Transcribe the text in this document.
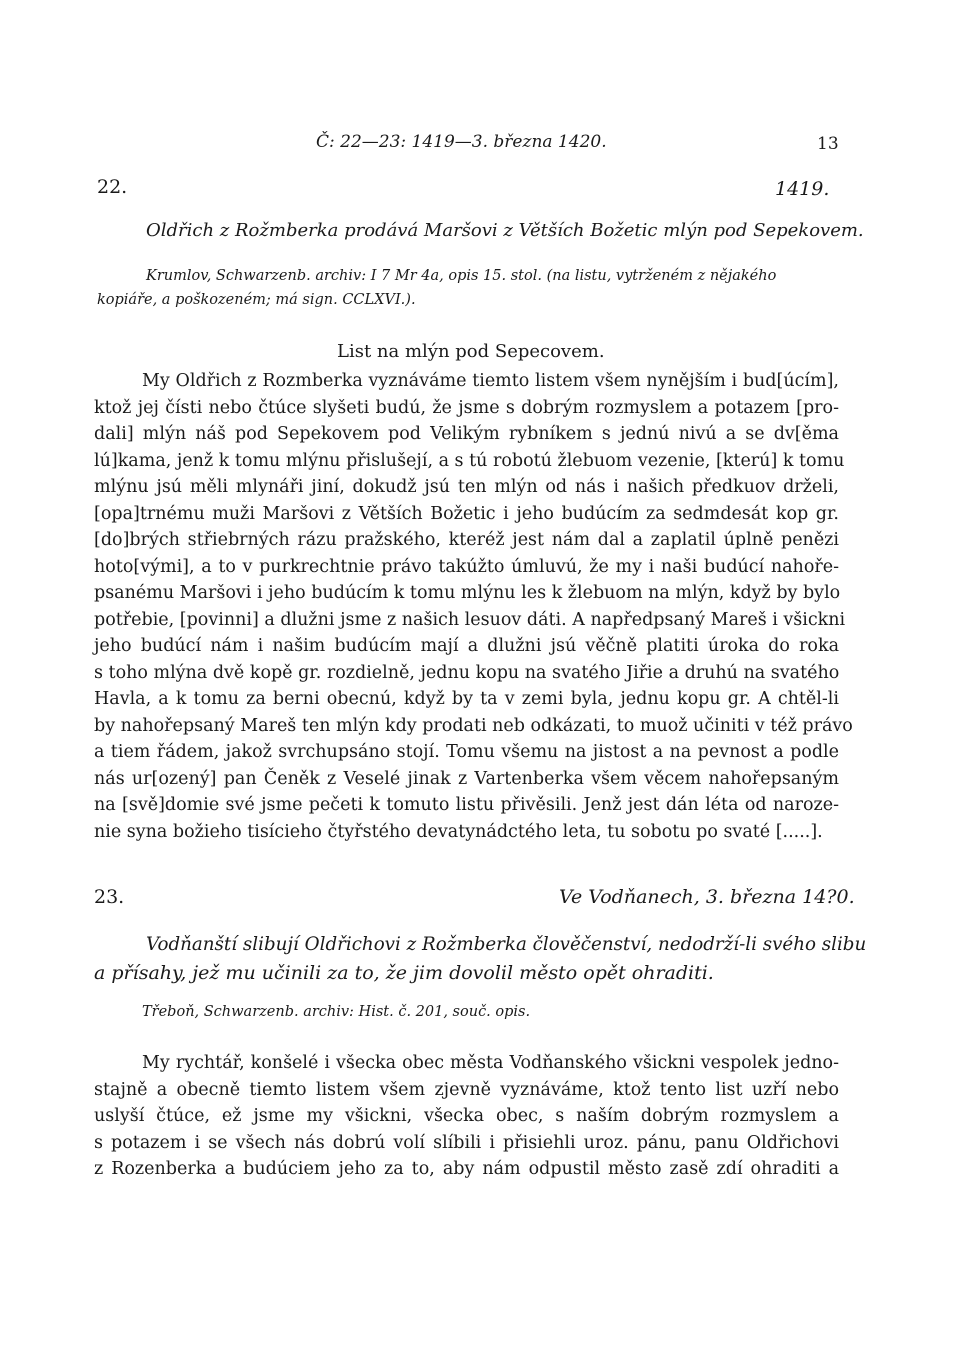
Č: 22—23: 1419—3. března 1420.	13
22.	1419.
Oldřich z Rožmberka prodává Maršovi z Větších Božetic mlýn pod Sepekovem.
Krumlov, Schwarzenb. archiv: I 7 Mr 4a, opis 15. stol. (na listu, vytrženém z nějakého
kopiáře, a poškozeném; má sign. CCLXVI.).
List na mlýn pod Sepecovem.
My Oldřich z Rozmberka vyznáváme tiemto listem všem nynějším i bud[úcím],
ktož jej čísti nebo čtúce slyšeti budú, že jsme s dobrým rozmyslem a potazem [pro-
dali] mlýn náš pod Sepekovem pod Velikým rybníkem s jednú nivú a se dv[ěma
lú]kama, jenž k tomu mlýnu přislušejí, a s tú robotú žlebuom vezenie, [kterú] k tomu
mlýnu jsú měli mlynáři jiní, dokudž jsú ten mlýn od nás i našich předkuov drželi,
[opa]trnému muži Maršovi z Větších Božetic i jeho budúcím za sedmdesát kop gr.
[do]brých střiebrných rázu pražského, kteréž jest nám dal a zaplatil úplně penězi
hoto[vými], a to v purkrechtnie právo takúžto úmluvú, že my i naši budúcí nahoře-
psanému Maršovi i jeho budúcím k tomu mlýnu les k žlebuom na mlýn, když by bylo
potřebie, [povinni] a dlužni jsme z našich lesuov dáti. A napředpsaný Mareš i všickni
jeho budúcí nám i našim budúcím mají a dlužni jsú věčně platiti úroka do roka
s toho mlýna dvě kopě gr. rozdielně, jednu kopu na svatého Jiřie a druhú na svatého
Havla, a k tomu za berni obecnú, když by ta v zemi byla, jednu kopu gr. A chtěl-li
by nahořepsaný Mareš ten mlýn kdy prodati neb odkázati, to muož učiniti v též právo
a tiem řádem, jakož svrchupsáno stojí. Tomu všemu na jistost a na pevnost a podle
nás ur[ozený] pan Čeněk z Veselé jinak z Vartenberka všem věcem nahořepsaným
na [svě]domie své jsme pečeti k tomuto listu přivěsili. Jenž jest dán léta od naroze-
nie syna božieho tisícieho čtyřstého devatynádctého leta, tu sobotu po svaté [.....].
23.	Ve Vodňanech, 3. března 14?0.
Vodňanští slibují Oldřichovi z Rožmberka člověčenství, nedodrží-li svého slibu
a přísahy, jež mu učinili za to, že jim dovolil město opět ohraditi.
Třeboň, Schwarzenb. archiv: Hist. č. 201, souč. opis.
My rychtář, konšelé i všecka obec města Vodňanského všickni vespolek jedno-
stajně a obecně tiemto listem všem zjevně vyznáváme, ktož tento list uzří nebo
uslyší čtúce, ež jsme my všickni, všecka obec, s naším dobrým rozmyslem a
s potazem i se všech nás dobrú volí slíbili i přisiehli uroz. pánu, panu Oldřichovi
z Rozenberka a budúciem jeho za to, aby nám odpustil město zasě zdí ohraditi a
